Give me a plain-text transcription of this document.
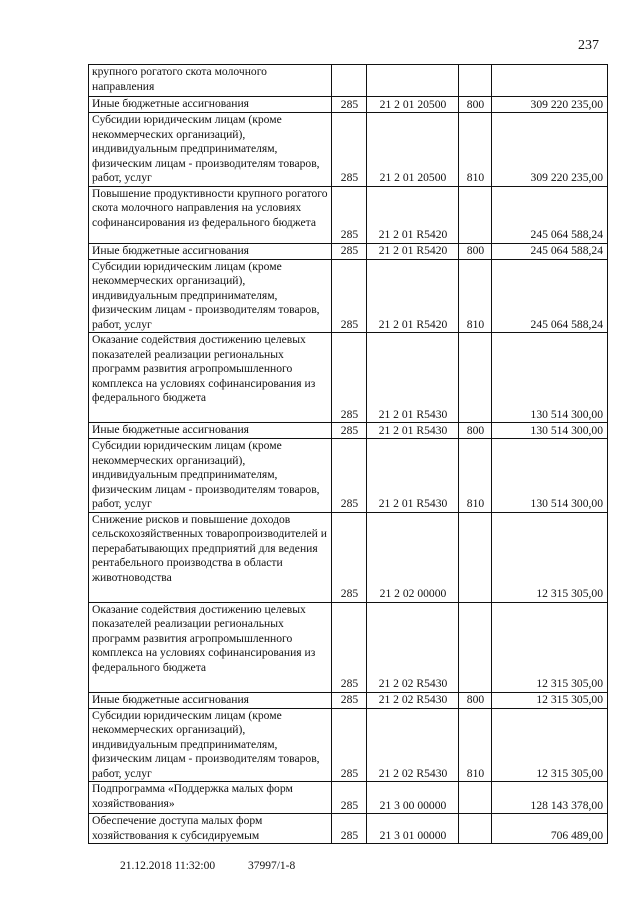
237
крупного рогатого скота молочного направления				
Иные бюджетные ассигнования	285	21 2 01 20500	800	309 220 235,00
Субсидии юридическим лицам (кроме некоммерческих организаций), индивидуальным предпринимателям, физическим лицам - производителям товаров, работ, услуг	285	21 2 01 20500	810	309 220 235,00
Повышение продуктивности крупного рогатого скота молочного направления на условиях софинансирования из федерального бюджета	285	21 2 01 R5420		245 064 588,24
Иные бюджетные ассигнования	285	21 2 01 R5420	800	245 064 588,24
Субсидии юридическим лицам (кроме некоммерческих организаций), индивидуальным предпринимателям, физическим лицам - производителям товаров, работ, услуг	285	21 2 01 R5420	810	245 064 588,24
Оказание содействия достижению целевых показателей реализации региональных программ развития агропромышленного комплекса на условиях софинансирования из федерального бюджета	285	21 2 01 R5430		130 514 300,00
Иные бюджетные ассигнования	285	21 2 01 R5430	800	130 514 300,00
Субсидии юридическим лицам (кроме некоммерческих организаций), индивидуальным предпринимателям, физическим лицам - производителям товаров, работ, услуг	285	21 2 01 R5430	810	130 514 300,00
Снижение рисков и повышение доходов сельскохозяйственных товаропроизводителей и перерабатывающих предприятий для ведения рентабельного производства в области животноводства	285	21 2 02 00000		12 315 305,00
Оказание содействия достижению целевых показателей реализации региональных программ развития агропромышленного комплекса на условиях софинансирования из федерального бюджета	285	21 2 02 R5430		12 315 305,00
Иные бюджетные ассигнования	285	21 2 02 R5430	800	12 315 305,00
Субсидии юридическим лицам (кроме некоммерческих организаций), индивидуальным предпринимателям, физическим лицам - производителям товаров, работ, услуг	285	21 2 02 R5430	810	12 315 305,00
Подпрограмма «Поддержка малых форм хозяйствования»	285	21 3 00 00000		128 143 378,00
Обеспечение доступа малых форм хозяйствования к субсидируемым	285	21 3 01 00000		706 489,00
21.12.2018 11:32:00	37997/1-8
